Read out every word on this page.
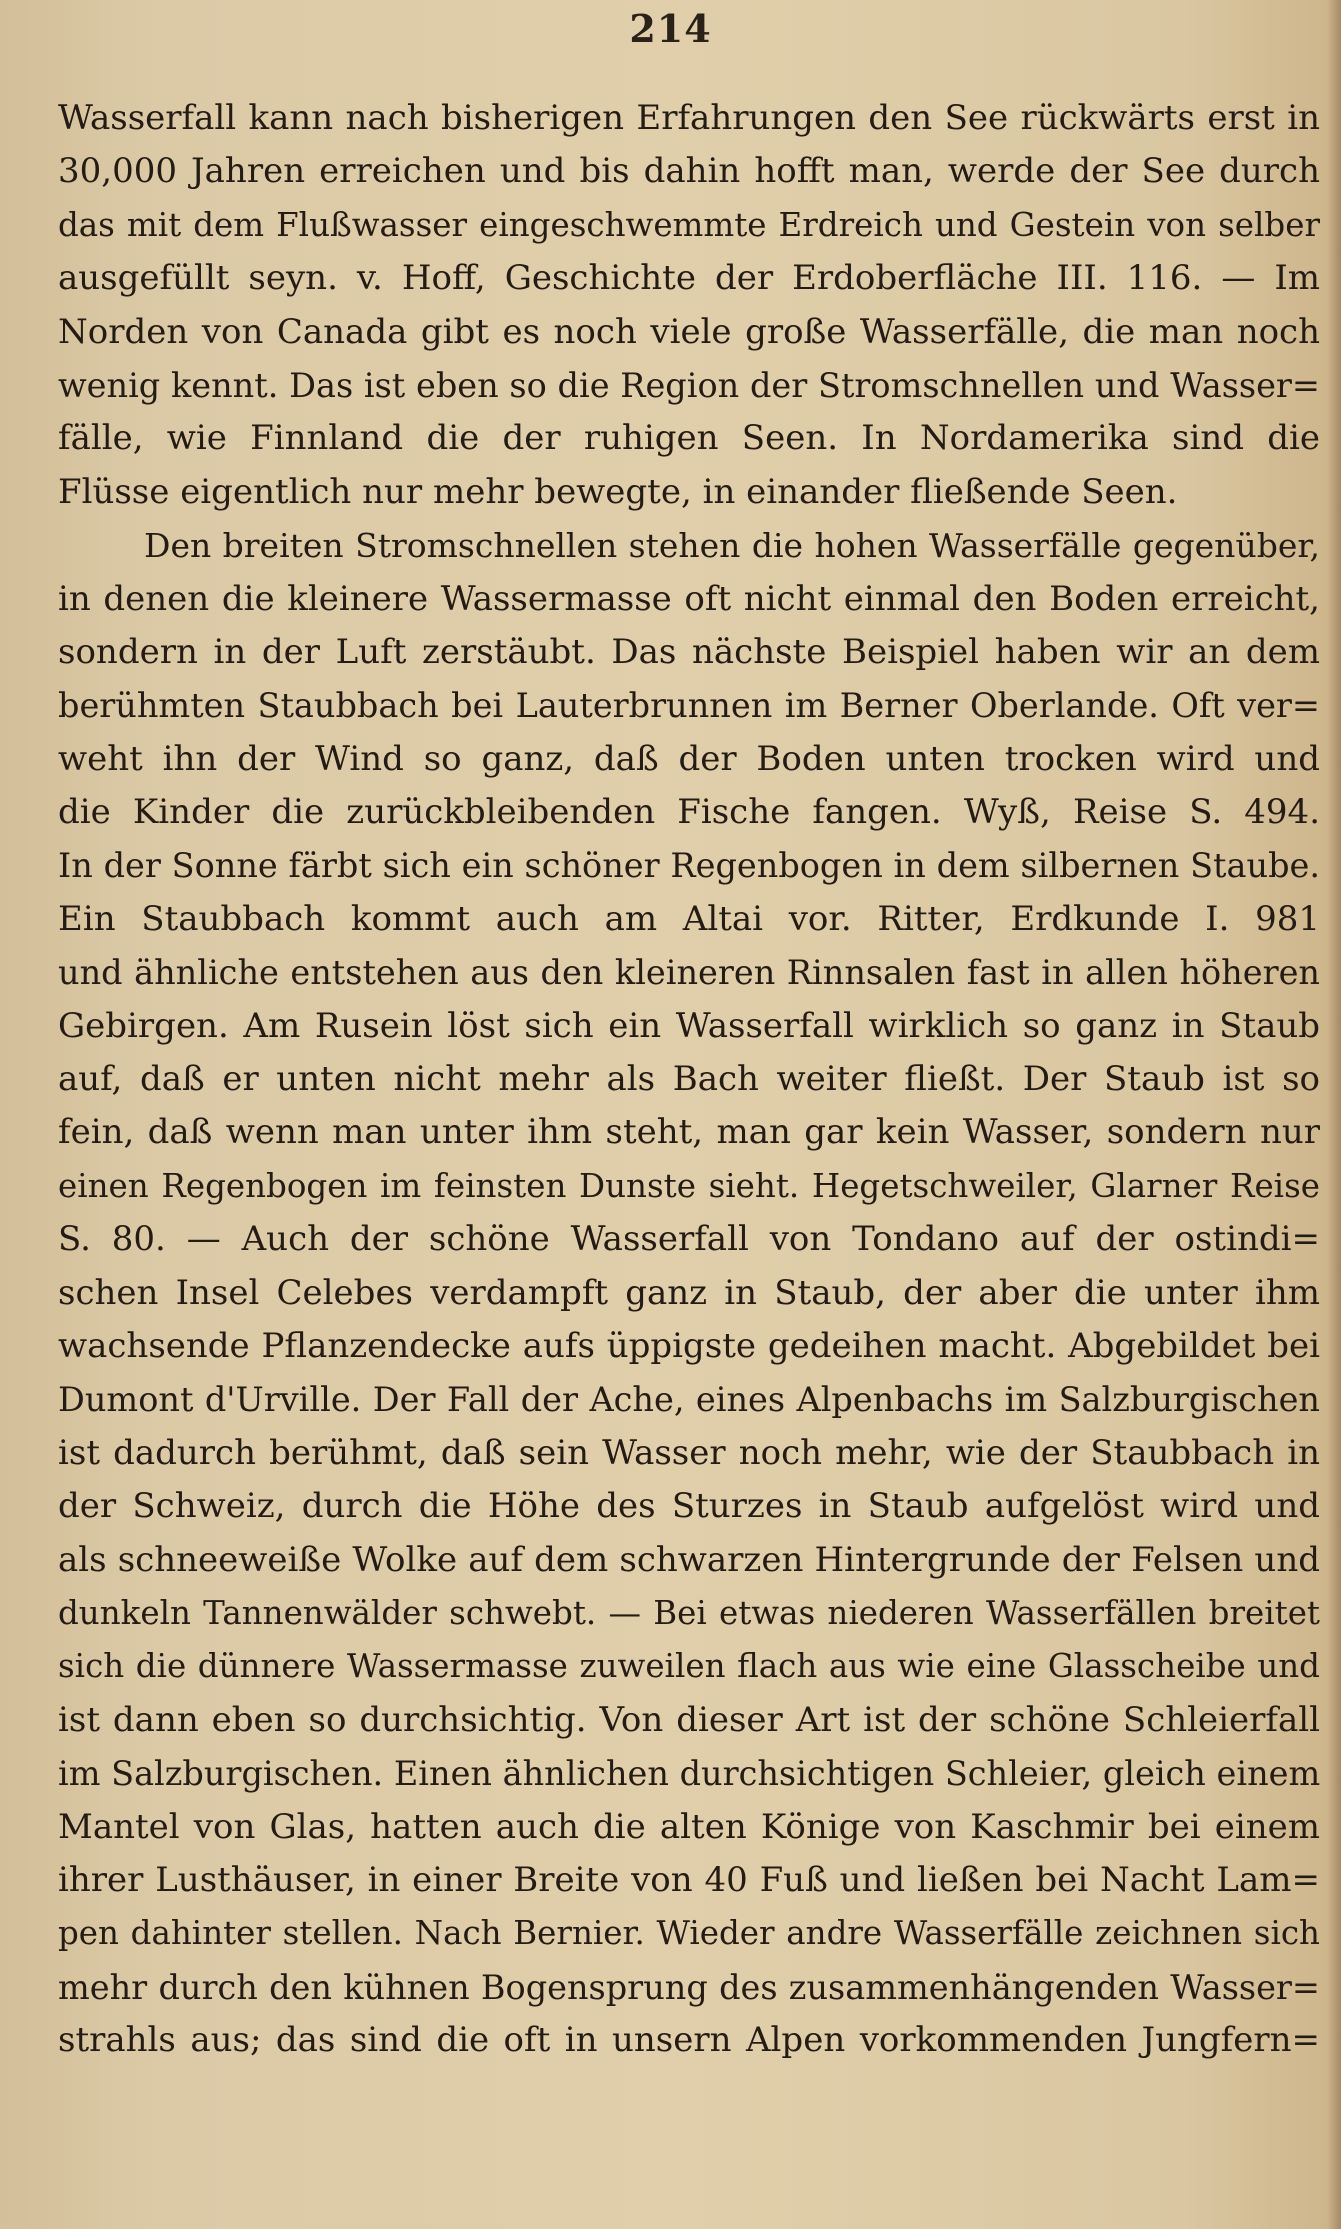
214
Wasserfall kann nach bisherigen Erfahrungen den See rückwärts erst in
30,000 Jahren erreichen und bis dahin hofft man, werde der See durch
das mit dem Flußwasser eingeschwemmte Erdreich und Gestein von selber
ausgefüllt seyn. v. Hoff, Geschichte der Erdoberfläche III. 116. — Im
Norden von Canada gibt es noch viele große Wasserfälle, die man noch
wenig kennt. Das ist eben so die Region der Stromschnellen und Wasser=
fälle, wie Finnland die der ruhigen Seen. In Nordamerika sind die
Flüsse eigentlich nur mehr bewegte, in einander fließende Seen.
Den breiten Stromschnellen stehen die hohen Wasserfälle gegenüber,
in denen die kleinere Wassermasse oft nicht einmal den Boden erreicht,
sondern in der Luft zerstäubt. Das nächste Beispiel haben wir an dem
berühmten Staubbach bei Lauterbrunnen im Berner Oberlande. Oft ver=
weht ihn der Wind so ganz, daß der Boden unten trocken wird und
die Kinder die zurückbleibenden Fische fangen. Wyß, Reise S. 494.
In der Sonne färbt sich ein schöner Regenbogen in dem silbernen Staube.
Ein Staubbach kommt auch am Altai vor. Ritter, Erdkunde I. 981
und ähnliche entstehen aus den kleineren Rinnsalen fast in allen höheren
Gebirgen. Am Rusein löst sich ein Wasserfall wirklich so ganz in Staub
auf, daß er unten nicht mehr als Bach weiter fließt. Der Staub ist so
fein, daß wenn man unter ihm steht, man gar kein Wasser, sondern nur
einen Regenbogen im feinsten Dunste sieht. Hegetschweiler, Glarner Reise
S. 80. — Auch der schöne Wasserfall von Tondano auf der ostindi=
schen Insel Celebes verdampft ganz in Staub, der aber die unter ihm
wachsende Pflanzendecke aufs üppigste gedeihen macht. Abgebildet bei
Dumont d'Urville. Der Fall der Ache, eines Alpenbachs im Salzburgischen
ist dadurch berühmt, daß sein Wasser noch mehr, wie der Staubbach in
der Schweiz, durch die Höhe des Sturzes in Staub aufgelöst wird und
als schneeweiße Wolke auf dem schwarzen Hintergrunde der Felsen und
dunkeln Tannenwälder schwebt. — Bei etwas niederen Wasserfällen breitet
sich die dünnere Wassermasse zuweilen flach aus wie eine Glasscheibe und
ist dann eben so durchsichtig. Von dieser Art ist der schöne Schleierfall
im Salzburgischen. Einen ähnlichen durchsichtigen Schleier, gleich einem
Mantel von Glas, hatten auch die alten Könige von Kaschmir bei einem
ihrer Lusthäuser, in einer Breite von 40 Fuß und ließen bei Nacht Lam=
pen dahinter stellen. Nach Bernier. Wieder andre Wasserfälle zeichnen sich
mehr durch den kühnen Bogensprung des zusammenhängenden Wasser=
strahls aus; das sind die oft in unsern Alpen vorkommenden Jungfern=
